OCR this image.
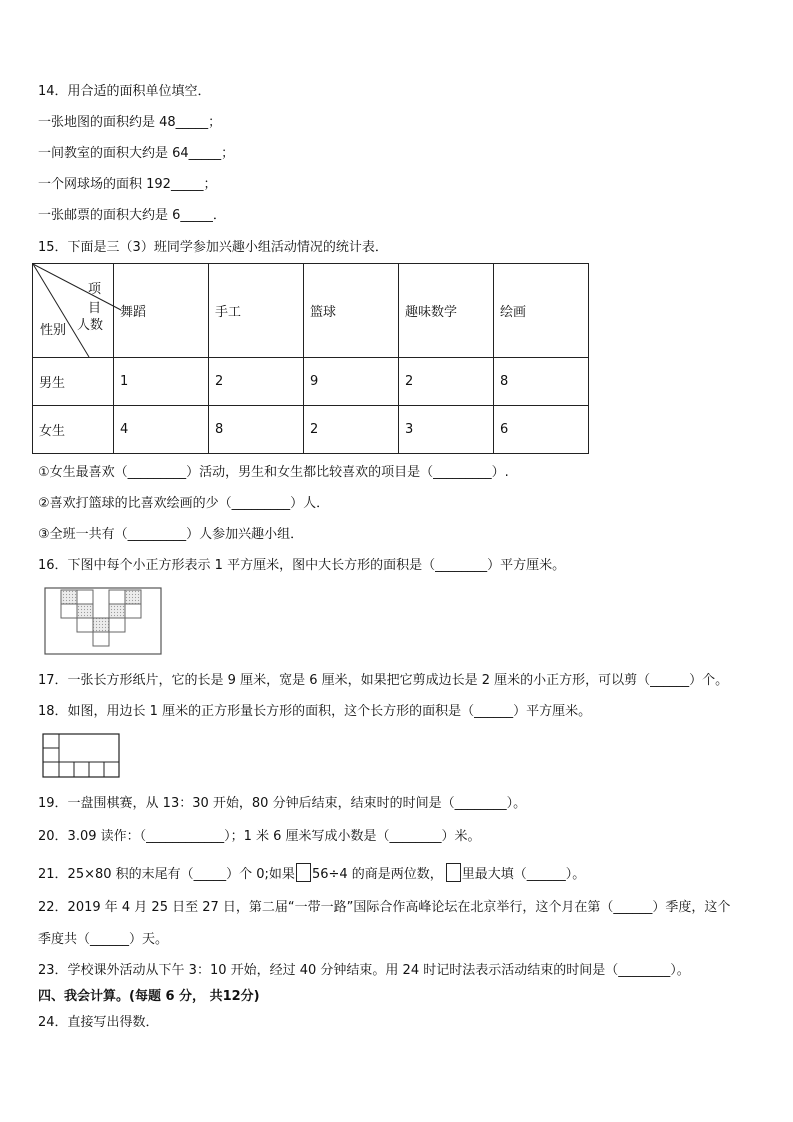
14．用合适的面积单位填空．
一张地图的面积约是 48_____；
一间教室的面积大约是 64_____；
一个网球场的面积 192_____；
一张邮票的面积大约是 6_____．
15．下面是三（3）班同学参加兴趣小组活动情况的统计表．
项目
人数
性别	舞蹈	手工	篮球	趣味数学	绘画
男生	1	2	9	2	8
女生	4	8	2	3	6
①女生最喜欢（_________）活动，男生和女生都比较喜欢的项目是（_________）.
②喜欢打篮球的比喜欢绘画的少（_________）人．
③全班一共有（_________）人参加兴趣小组．
16．下图中每个小正方形表示 1 平方厘米，图中大长方形的面积是（________）平方厘米。
17．一张长方形纸片，它的长是 9 厘米，宽是 6 厘米，如果把它剪成边长是 2 厘米的小正方形，可以剪（______）个。
18．如图，用边长 1 厘米的正方形量长方形的面积，这个长方形的面积是（______）平方厘米。
19．一盘围棋赛，从 13：30 开始，80 分钟后结束，结束时的时间是（________）。
20．3.09 读作：（____________）；1 米 6 厘米写成小数是（________）米。
21．25×80 积的末尾有（_____）个 0;如果 56÷4 的商是两位数， 里最大填（______）。
22．2019 年 4 月 25 日至 27 日，第二届“一带一路”国际合作高峰论坛在北京举行，这个月在第（______）季度，这个
季度共（______）天。
23．学校课外活动从下午 3：10 开始，经过 40 分钟结束。用 24 时记时法表示活动结束的时间是（________）。
四、我会计算。(每题 6 分， 共12分)
24．直接写出得数．
